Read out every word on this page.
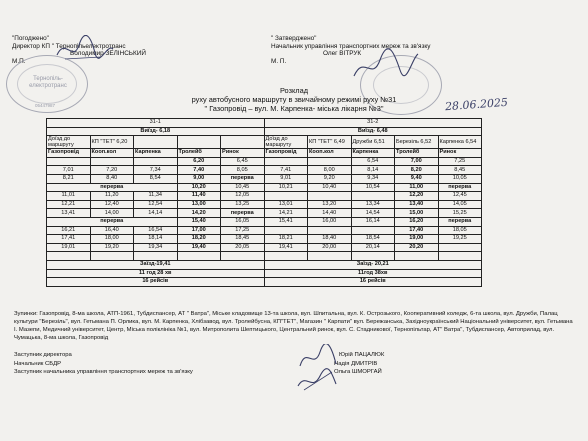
"Погоджено"
Директор КП " Тернопільелектротранс
Володимир ЗЕЛІНСЬКИЙ
М.П.
Тернопіль-електротранс
05447987
" Затверджено"
Начальник управління транспортних мереж та зв'язку
Олег ВІТРУК
М. П.
28.06.2025
Розклад
руху автобусного маршруту в звичайному режимі руху №31
" Газопровід – вул. М. Карпенка- міська лікарня №3"
31-1					31-2				
Виїзд- 6,18					Виїзд- 6,48				
Доїзд до маршруту	КП "ТЕТ" 6,20				Доїзд до маршруту	КП "ТЕТ" 6,49	Дружби 6,51	Березіль 6,52	Карпенка 6,54
Газопровід	Кооп.кол	Карпенка	Тролейб	Ринок	Газопровід	Кооп.кол	Карпенка	Тролейб	Ринок
			6,20	6,45			6,54	7,00	7,25
7,01	7,20	7,34	7,40	8,05	7,41	8,00	8,14	8,20	8,45
8,21	8,40	8,54	9,00	перерва	9,01	9,20	9,34	9,40	10,05
перерва			10,20	10,45	10,21	10,40	10,54	11,00	перерва
11,01	11,20	11,34	11,40	12,05				12,20	12,45
12,21	12,40	12,54	13,00	13,25	13,01	13,20	13,34	13,40	14,05
13,41	14,00	14,14	14,20	перерва	14,21	14,40	14,54	15,00	15,25
перерва			15,40	16,05	15,41	16,00	16,14	16,20	перерва
16,21	16,40	16,54	17,00	17,25				17,40	18,05
17,41	18,00	18,14	18,20	18,45	18,21	18,40	18,54	19,00	19,25
19,01	19,20	19,34	19,40	20,05	19,41	20,00	20,14	20,20	

Заїзд-19,41					Заїзд- 20,21				
11 год 28 хв					11год 38хв				
16 рейсів					16 рейсів				
Зупинки: Газопровід, 8-ма школа, АТП-1961, Тубдиспансер, АТ " Ватра", Міське кладовище 13-та школа, вул. Шпитальна, вул. К. Острозького, Кооперативний коледж, 6-та школа, вул. Дружби, Палац культури "Березіль", вул. Гетьмана П. Орлика, вул. М. Карпенка, Хлібзавод, вул. Тролейбусна, КП"ТЕТ", Магазин " Карпати" вул. Бережанська, Західноукраїнський Національний університет, вул. Гетьмана І. Мазепи, Медичний університет, Центр, Міська поліклініка №1, вул. Митрополита Шептицького, Центральний ринок, вул. С. Стадникової, Тернопільтар, АТ" Ватра", Тубдиспансер, Автоприлад, вул. Чумацька, 8-ма школа, Газопровід
Заступник директора	Юрій ПАЦАЛЮК
Начальник СБДР	Надія ДМИТРІВ
Заступник начальника управління транспортних мереж та зв'язку	Ольга ШМОРГАЙ
